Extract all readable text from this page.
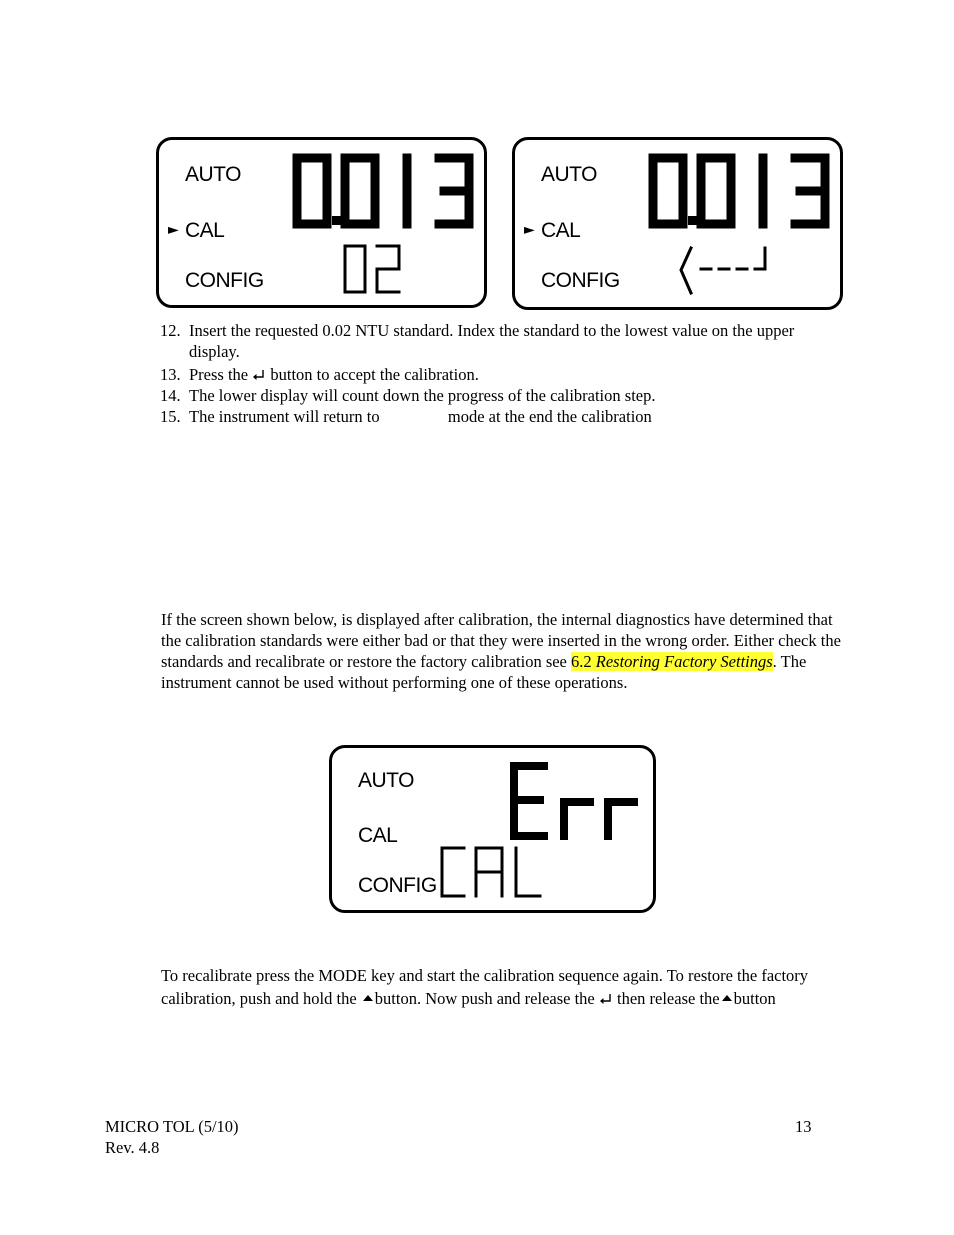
AUTO
► CAL
CONFIG
AUTO
► CAL
CONFIG
12. Insert the requested 0.02 NTU standard. Index the standard to the lowest value on the upper display.
13. Press the button to accept the calibration.
14. The lower display will count down the progress of the calibration step.
15. The instrument will return to	mode at the end the calibration

If the screen shown below, is displayed after calibration, the internal diagnostics have determined that the calibration standards were either bad or that they were inserted in the wrong order. Either check the standards and recalibrate or restore the factory calibration see 6.2 Restoring Factory Settings. The instrument cannot be used without performing one of these operations.

AUTO
CAL
CONFIG

To recalibrate press the MODE key and start the calibration sequence again. To restore the factory calibration, push and hold the button. Now push and release the then release the button

MICRO TOL (5/10)
Rev. 4.8
13
